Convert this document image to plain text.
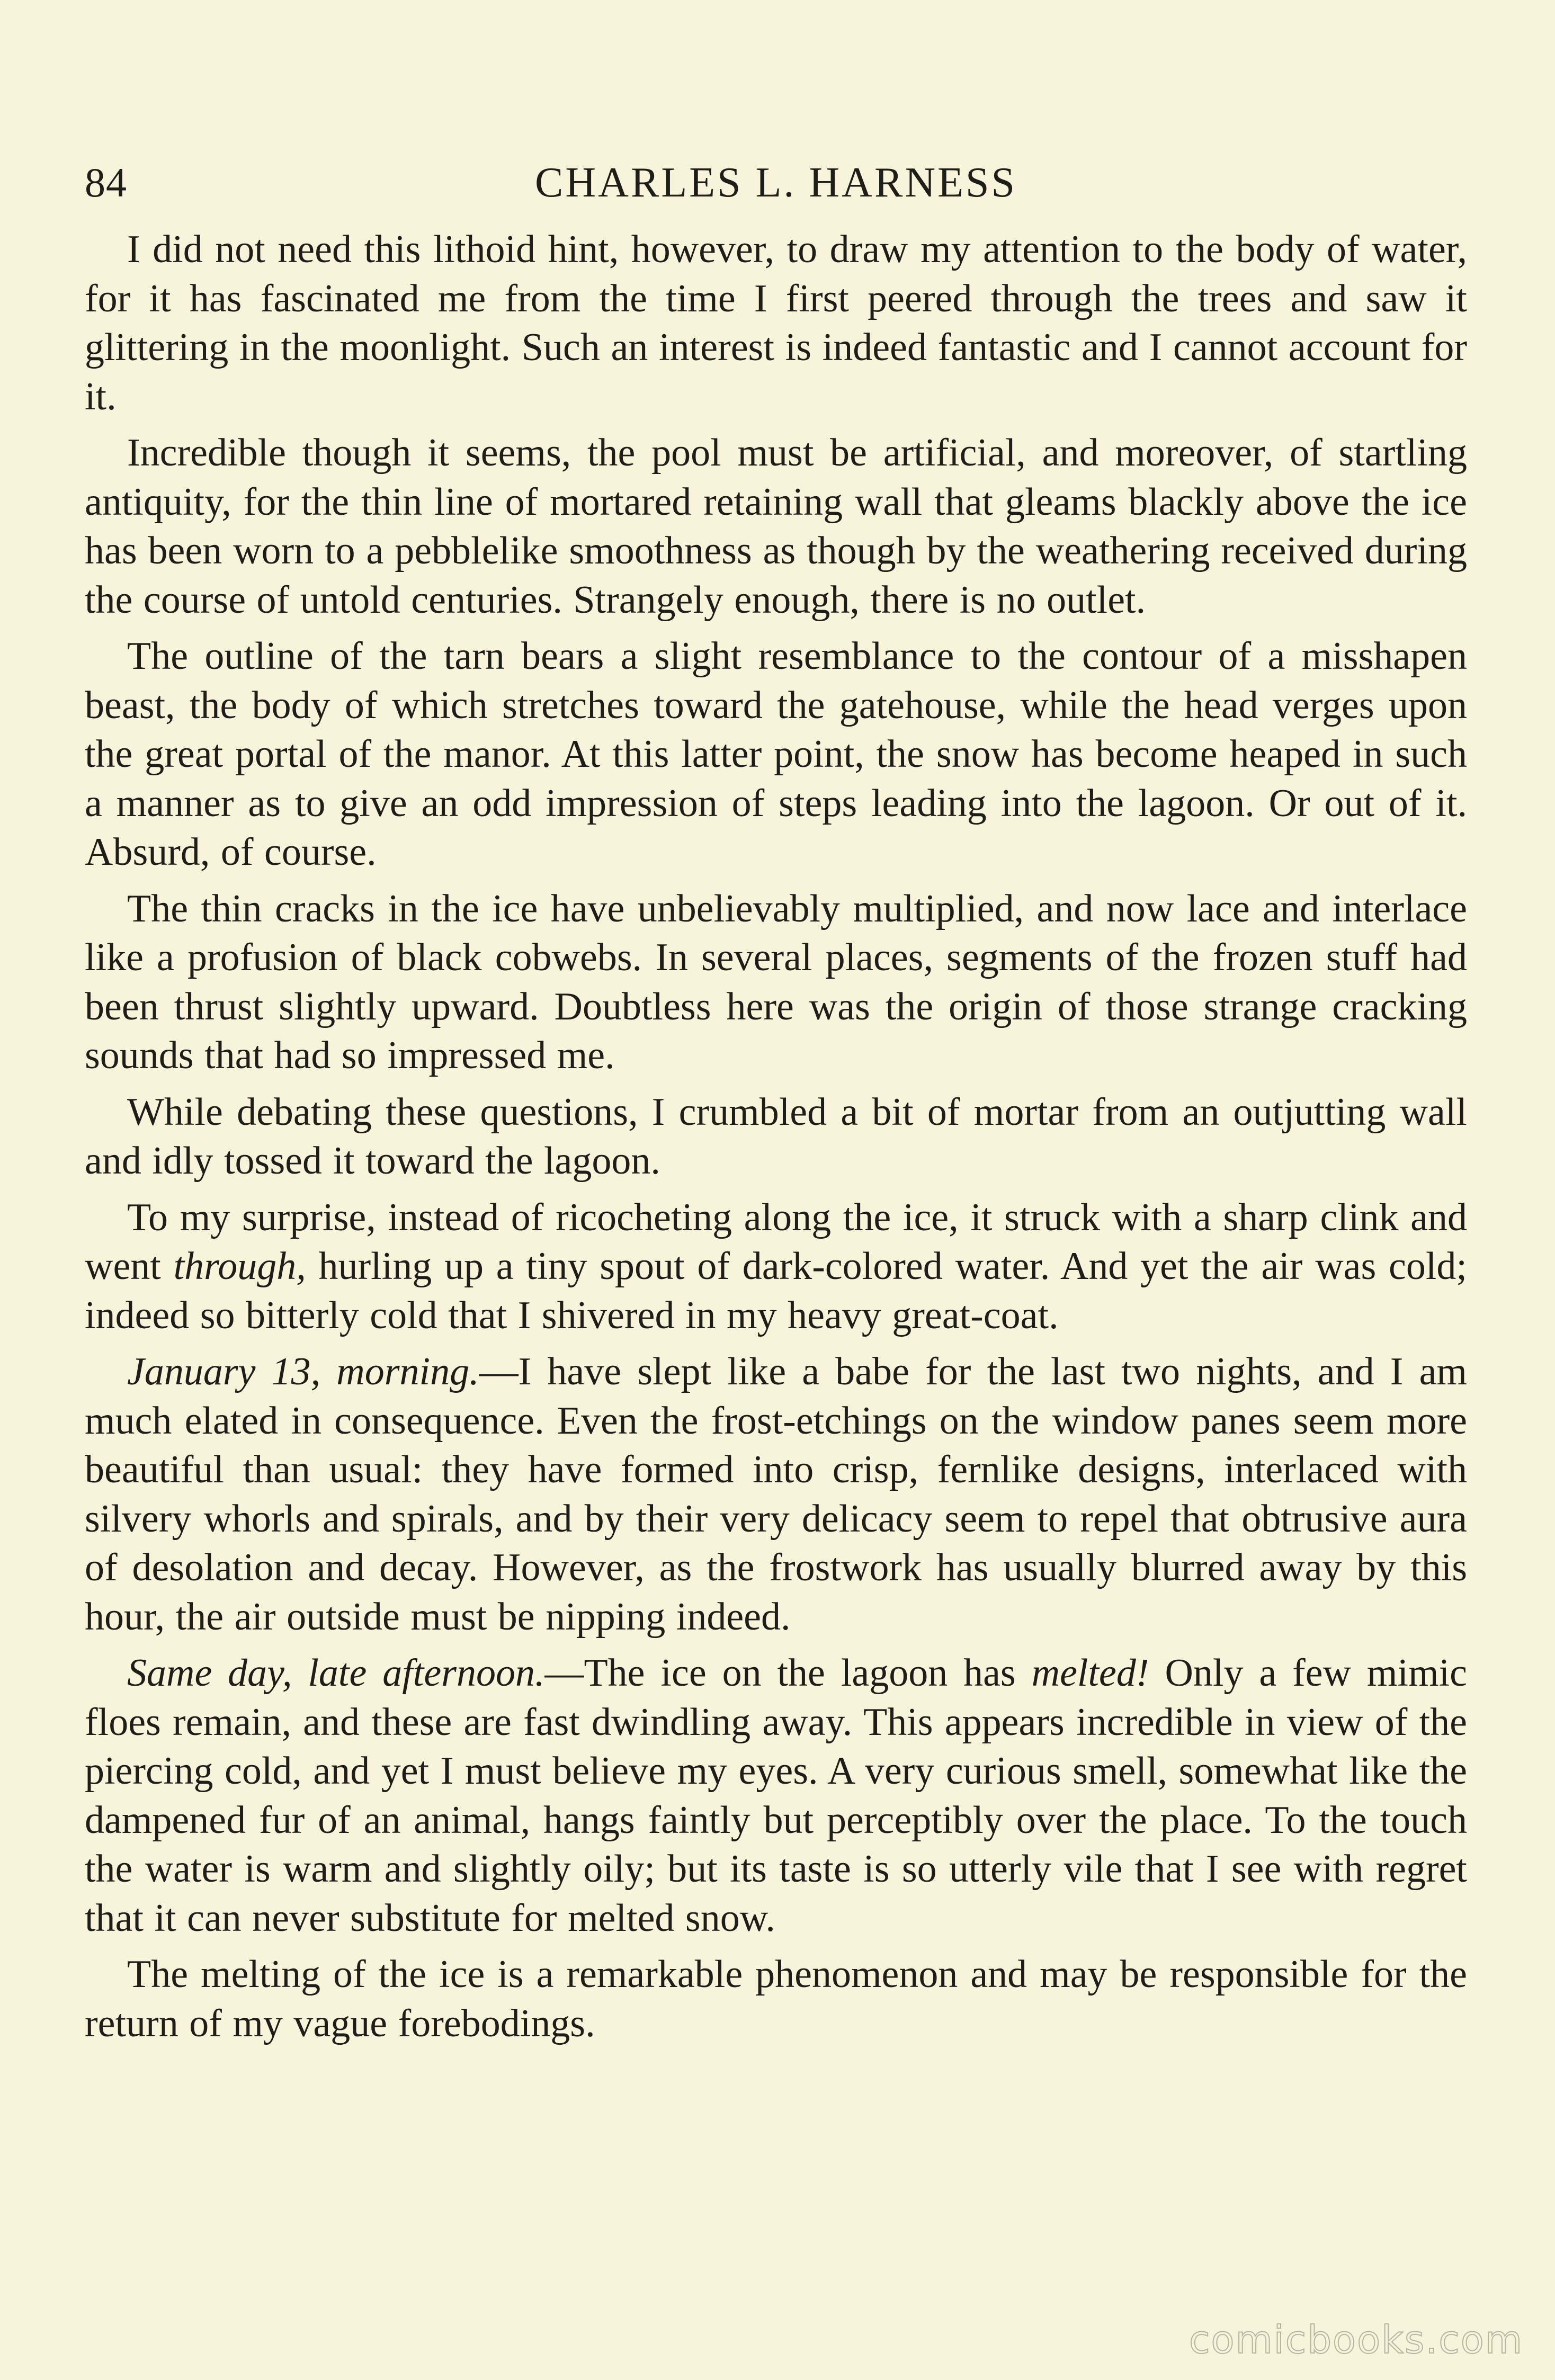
84	CHARLES L. HARNESS

I did not need this lithoid hint, however, to draw my attention to the body of water, for it has fascinated me from the time I first peered through the trees and saw it glittering in the moonlight. Such an interest is indeed fantastic and I cannot account for it.

Incredible though it seems, the pool must be artificial, and moreover, of startling antiquity, for the thin line of mortared retaining wall that gleams blackly above the ice has been worn to a pebblelike smoothness as though by the weathering received during the course of untold centuries. Strangely enough, there is no outlet.

The outline of the tarn bears a slight resemblance to the contour of a misshapen beast, the body of which stretches toward the gatehouse, while the head verges upon the great portal of the manor. At this latter point, the snow has become heaped in such a manner as to give an odd impression of steps leading into the lagoon. Or out of it. Absurd, of course.

The thin cracks in the ice have unbelievably multiplied, and now lace and interlace like a profusion of black cobwebs. In several places, segments of the frozen stuff had been thrust slightly upward. Doubtless here was the origin of those strange cracking sounds that had so impressed me.

While debating these questions, I crumbled a bit of mortar from an outjutting wall and idly tossed it toward the lagoon.

To my surprise, instead of ricocheting along the ice, it struck with a sharp clink and went through, hurling up a tiny spout of dark-colored water. And yet the air was cold; indeed so bitterly cold that I shivered in my heavy great-coat.

January 13, morning.—I have slept like a babe for the last two nights, and I am much elated in consequence. Even the frost-etchings on the window panes seem more beautiful than usual: they have formed into crisp, fernlike designs, interlaced with silvery whorls and spirals, and by their very delicacy seem to repel that obtrusive aura of desolation and decay. However, as the frostwork has usually blurred away by this hour, the air outside must be nipping indeed.

Same day, late afternoon.—The ice on the lagoon has melted! Only a few mimic floes remain, and these are fast dwindling away. This appears incredible in view of the piercing cold, and yet I must believe my eyes. A very curious smell, somewhat like the dampened fur of an animal, hangs faintly but perceptibly over the place. To the touch the water is warm and slightly oily; but its taste is so utterly vile that I see with regret that it can never substitute for melted snow.

The melting of the ice is a remarkable phenomenon and may be responsible for the return of my vague forebodings.

comicbooks.com
